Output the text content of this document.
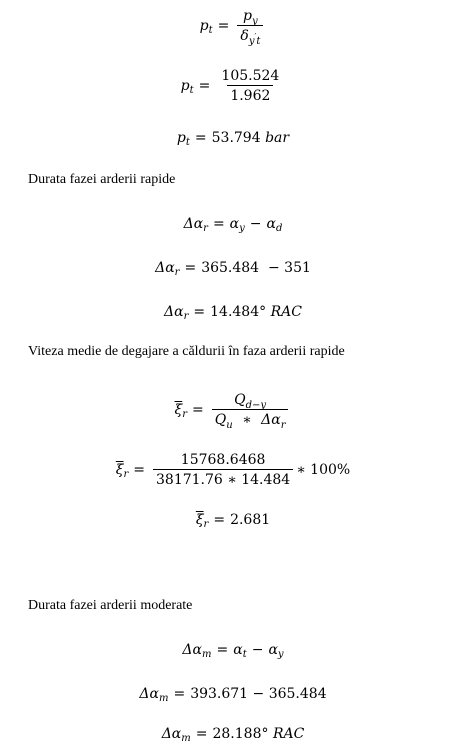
p $t = \frac{p_y}{\delta_{y't}}$
p $t = \frac{105.524}{1.962}$
p t = 53.794
bar
Durata fazei arderii rapide
Δα r = α y − α d
Δα r = 365.484  − 351
Δα r = 14.484°
RAC
Viteza medie de degajare a căldurii în faza arderii rapide
$\overline{\xi}$ $r = \frac{Q_{d-y}}{Q_u ∗ \Delta\alpha_r}$
$\overline{\xi}$ $r = \frac{15768.6468}{38171.76 ∗ 14.484}$ ∗ 100%
$\overline{\xi}$ r = 2.681
Durata fazei arderii moderate
Δα m = α t − α y
Δα m = 393.671 − 365.484
Δα m = 28.188°
RAC
